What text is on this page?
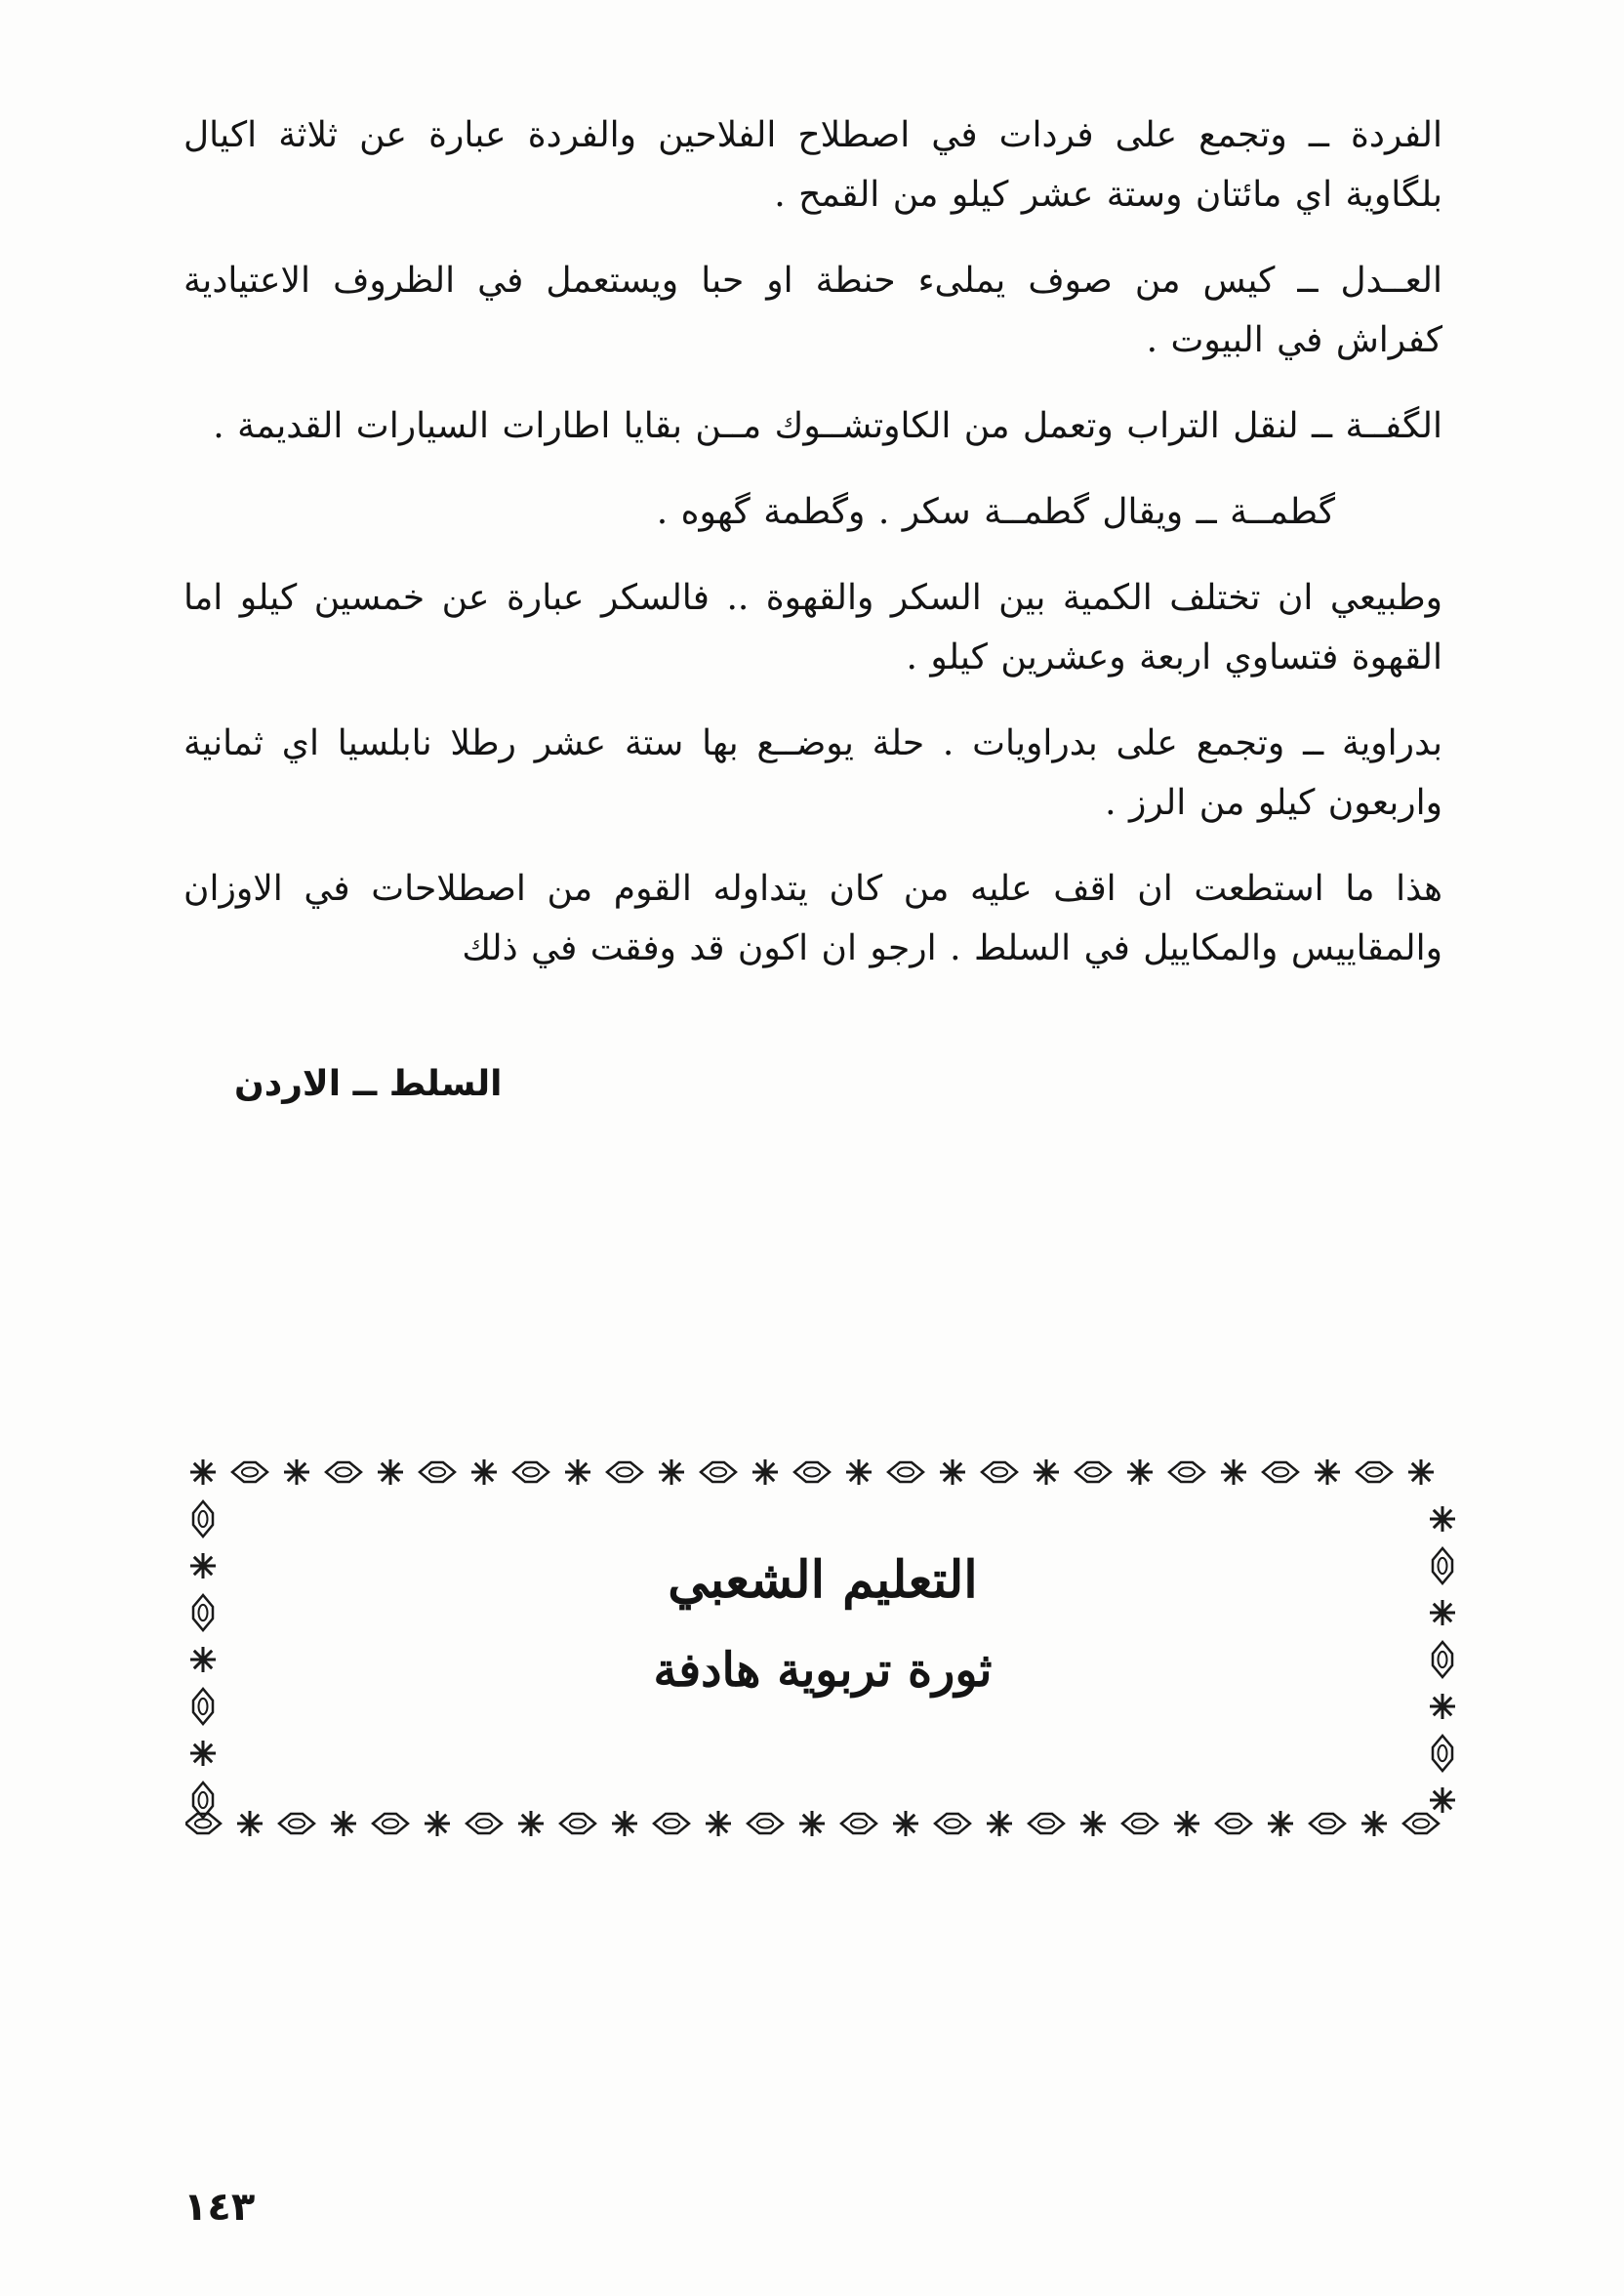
الفردة ــ وتجمع على فردات في اصطلاح الفلاحين والفردة عبارة عن ثلاثة اكيال بلگاوية اي مائتان وستة عشر كيلو من القمح .

العــدل ــ كيس من صوف يملىء حنطة او حبا ويستعمل في الظروف الاعتيادية كفراش في البيوت .

الگفــة ــ لنقل التراب وتعمل من الكاوتشــوك مــن بقايا اطارات السيارات القديمة .

گطمــة ــ ويقال گطمــة سكر . وگطمة گهوه .

وطبيعي ان تختلف الكمية بين السكر والقهوة .. فالسكر عبارة عن خمسين كيلو اما القهوة فتساوي اربعة وعشرين كيلو .

بدراوية ــ وتجمع على بدراويات . حلة يوضــع بها ستة عشر رطلا نابلسيا اي ثمانية واربعون كيلو من الرز .

هذا ما استطعت ان اقف عليه من كان يتداوله القوم من اصطلاحات في الاوزان والمقاييس والمكاييل في السلط . ارجو ان اكون قد وفقت في ذلك

السلط ــ الاردن
التعليم الشعبي
ثورة تربوية هادفة
١٤٣
